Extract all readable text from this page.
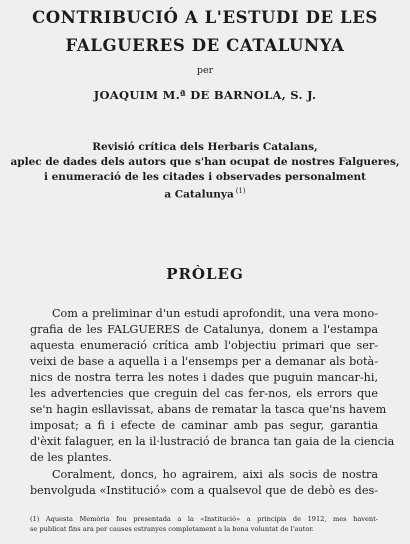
CONTRIBUCIÓ A L'ESTUDI DE LES
FALGUERES DE CATALUNYA

per

JOAQUIM M.ª DE BARNOLA, S. J.

Revisió crítica dels Herbaris Catalans,

aplec de dades dels autors que s'han ocupat de nostres Falgueres,

i enumeració de les citades i observades personalment

a Catalunya $^{(1)}$

PRÒLEG

Com a preliminar d'un estudi aprofondit, una vera mono-

grafia de les FALGUERES de Catalunya, donem a l'estampa

aquesta enumeració crítica amb l'objectiu primari que ser-

veixi de base a aquella i a l'ensemps per a demanar als botà-

nics de nostra terra les notes i dades que puguin mancar-hi,

les advertencies que creguin del cas fer-nos, els errors que

se'n hagin esllavissat, abans de rematar la tasca que'ns havem

imposat; a fi i efecte de caminar amb pas segur, garantia

d'èxit falaguer, en la il·lustració de branca tan gaia de la ciencia

de les plantes.

Coralment, doncs, ho agrairem, aixi als socis de nostra

benvolguda «Institució» com a qualsevol que de debò es des-

(1) Aquesta Memòria fou presentada a la «Institució» a principis de 1912, mes havent-

se publicat fins ara per causes estranyes completament a la bona voluntat de l'autor.
